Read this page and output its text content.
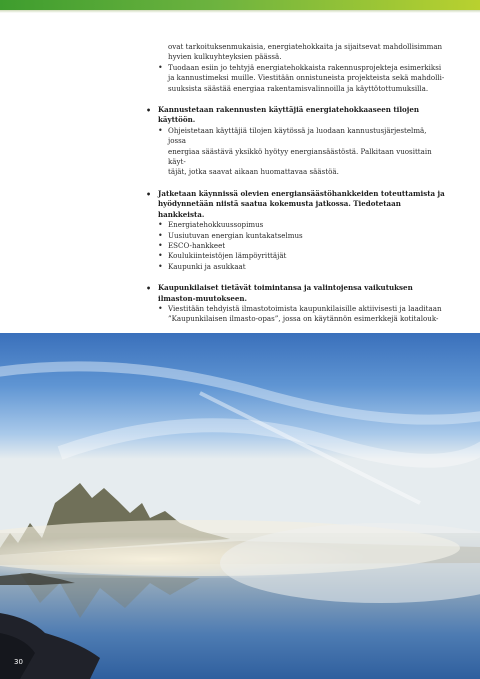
ovat tarkoituksenmukaisia, energiatehokkaita ja sijaitsevat mahdollisimman

hyvien kulkuyhteyksien päässä.

• Tuodaan esiin jo tehtyjä energiatehokkaista rakennusprojekteja esimerkiksi

ja kannustimeksi muille. Viestitään onnistuneista projekteista sekä mahdolli-

suuksista säästää energiaa rakentamisvalinnoilla ja käyttötottumuksilla.

• Kannustetaan rakennusten käyttäjiä energiatehokkaaseen tilojen käyttöön.
• Ohjeistetaan käyttäjiä tilojen käytössä ja luodaan kannustusjärjestelmä, jossa

energiaa säästävä yksikkö hyötyy energiansäästöstä. Palkitaan vuosittain käyt-

täjät, jotka saavat aikaan huomattavaa säästöä.

• Jatketaan käynnissä olevien energiansäästöhankkeiden toteuttamista ja hyödynnetään niistä saatua kokemusta jatkossa. Tiedotetaan hankkeista.
• Energiatehokkuussopimus
• Uusiutuvan energian kuntakatselmus
• ESCO-hankkeet
• Koulukiinteistöjen lämpöyrittäjät
• Kaupunki ja asukkaat
• Kaupunkilaiset tietävät toimintansa ja valintojensa vaikutuksen ilmaston-muutokseen.
• Viestitään tehdyistä ilmastotoimista kaupunkilaisille aktiivisesti ja laaditaan

”Kaupunkilaisen ilmasto-opas”, jossa on käytännön esimerkkejä kotitalouk-

30
